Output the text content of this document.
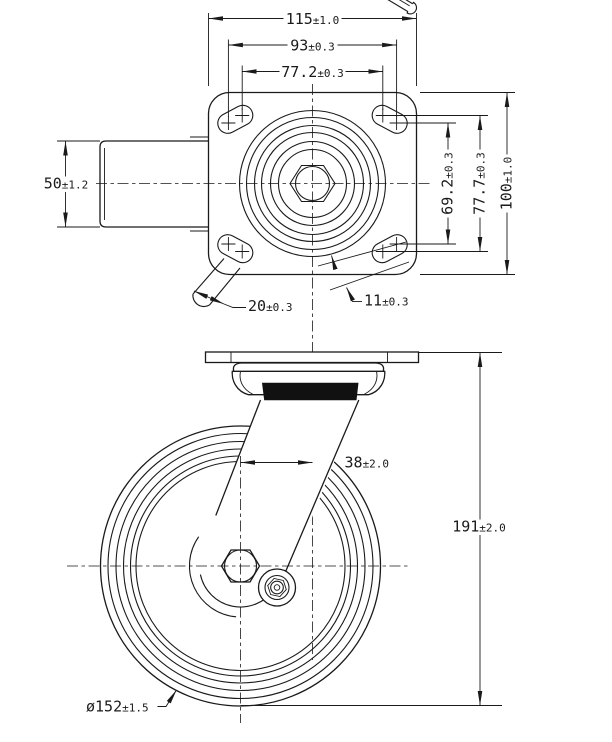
115±1.0
93±0.3
77.2±0.3
50±1.2	69.2±0.3
77.7±0.3
100±1.0
20±0.3	11±0.3
38±2.0
191±2.0
ø152±1.5
